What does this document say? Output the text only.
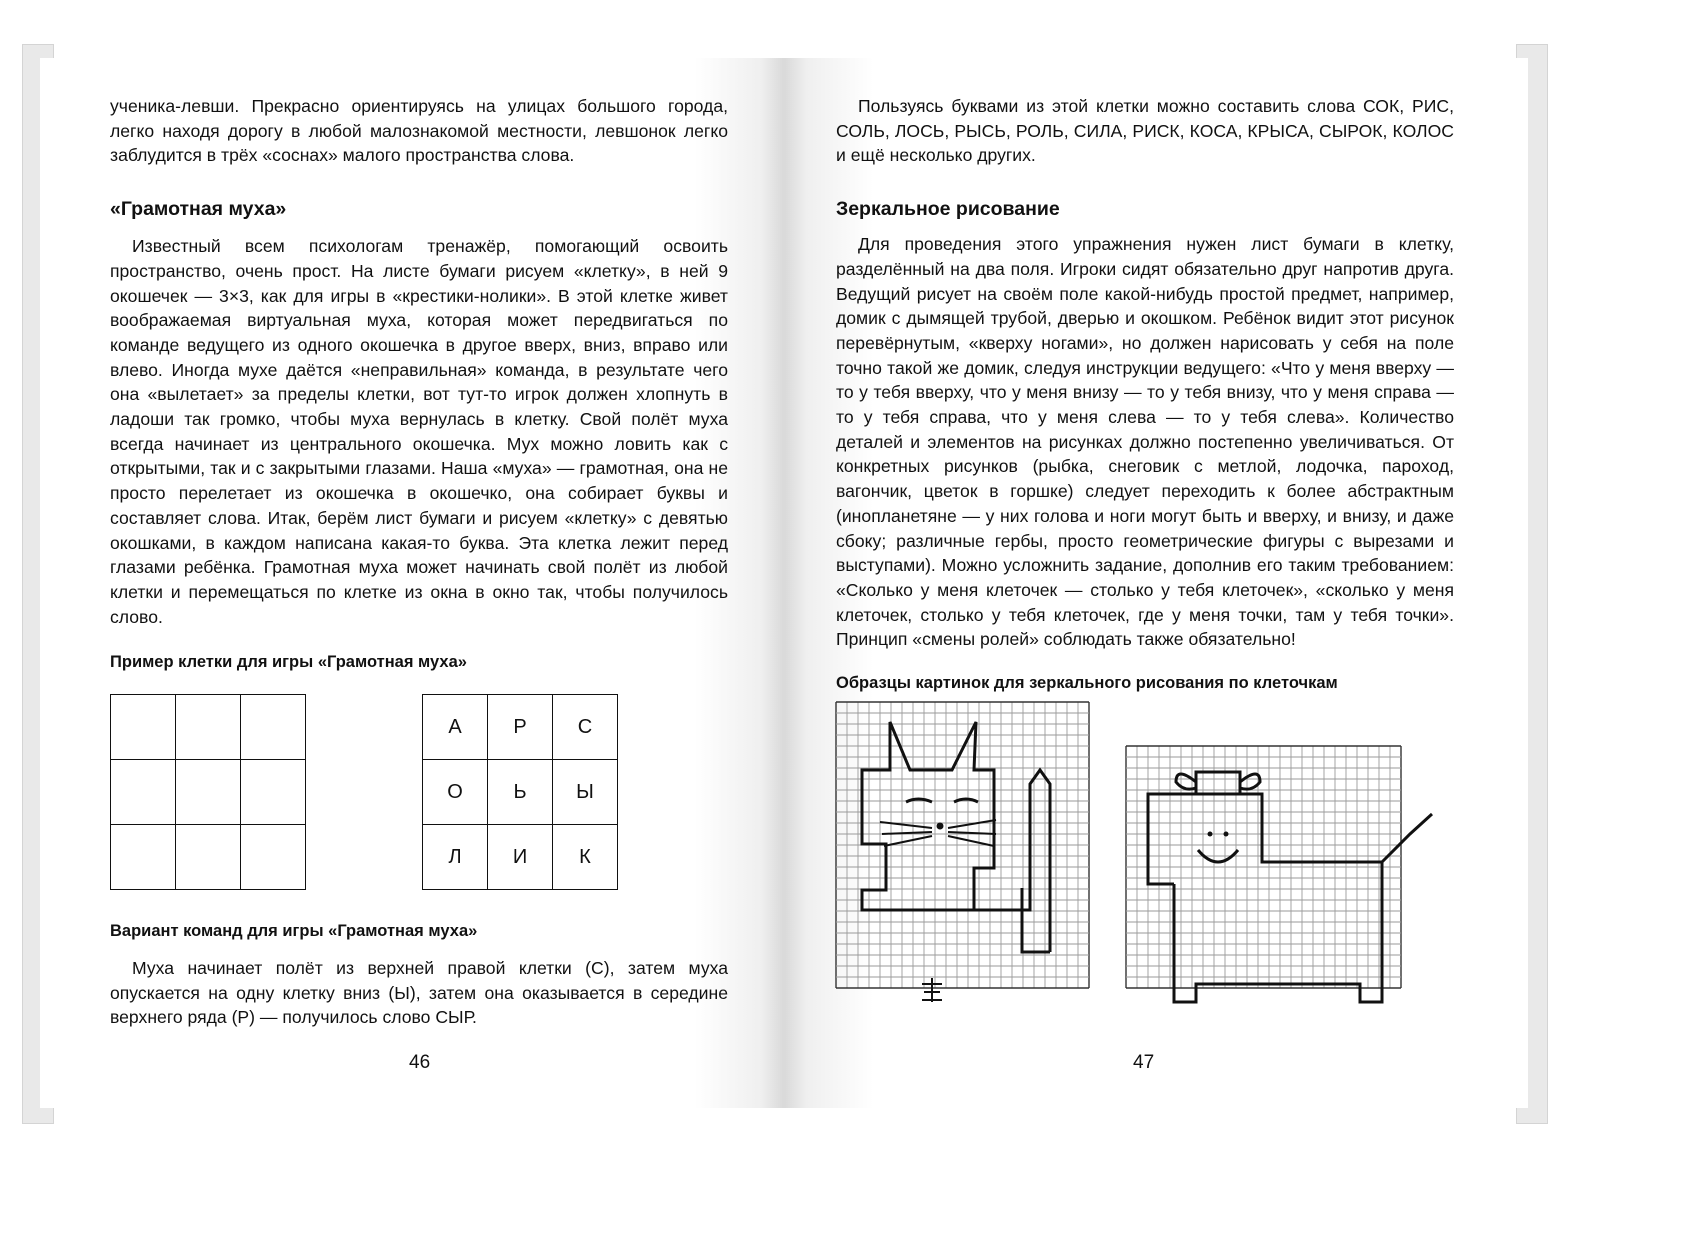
ученика-левши. Прекрасно ориентируясь на улицах большого города, легко находя дорогу в любой малознакомой местности, левшонок легко заблудится в трёх «соснах» малого пространства слова.

«Грамотная муха»

Известный всем психологам тренажёр, помогающий освоить пространство, очень прост. На листе бумаги рисуем «клетку», в ней 9 окошечек — 3×3, как для игры в «крестики-нолики». В этой клетке живет воображаемая виртуальная муха, которая может передвигаться по команде ведущего из одного окошечка в другое вверх, вниз, вправо или влево. Иногда мухе даётся «неправильная» команда, в результате чего она «вылетает» за пределы клетки, вот тут-то игрок должен хлопнуть в ладоши так громко, чтобы муха вернулась в клетку. Свой полёт муха всегда начинает из центрального окошечка. Мух можно ловить как с открытыми, так и с закрытыми глазами. Наша «муха» — грамотная, она не просто перелетает из окошечка в окошечко, она собирает буквы и составляет слова. Итак, берём лист бумаги и рисуем «клетку» с девятью окошками, в каждом написана какая-то буква. Эта клетка лежит перед глазами ребёнка. Грамотная муха может начинать свой полёт из любой клетки и перемещаться по клетке из окна в окно так, чтобы получилось слово.

Пример клетки для игры «Грамотная муха»

А	Р	С
О	Ь	Ы
Л	И	К
Вариант команд для игры «Грамотная муха»

Муха начинает полёт из верхней правой клетки (С), затем муха опускается на одну клетку вниз (Ы), затем она оказывается в середине верхнего ряда (Р) — получилось слово СЫР.

46

Пользуясь буквами из этой клетки можно составить слова СОК, РИС, СОЛЬ, ЛОСЬ, РЫСЬ, РОЛЬ, СИЛА, РИСК, КОСА, КРЫСА, СЫРОК, КОЛОС и ещё несколько других.

Зеркальное рисование

Для проведения этого упражнения нужен лист бумаги в клетку, разделённый на два поля. Игроки сидят обязательно друг напротив друга. Ведущий рисует на своём поле какой-нибудь простой предмет, например, домик с дымящей трубой, дверью и окошком. Ребёнок видит этот рисунок перевёрнутым, «кверху ногами», но должен нарисовать у себя на поле точно такой же домик, следуя инструкции ведущего: «Что у меня вверху — то у тебя вверху, что у меня внизу — то у тебя внизу, что у меня справа — то у тебя справа, что у меня слева — то у тебя слева». Количество деталей и элементов на рисунках должно постепенно увеличиваться. От конкретных рисунков (рыбка, снеговик с метлой, лодочка, пароход, вагончик, цветок в горшке) следует переходить к более абстрактным (инопланетяне — у них голова и ноги могут быть и вверху, и внизу, и даже сбоку; различные гербы, просто геометрические фигуры с вырезами и выступами). Можно усложнить задание, дополнив его таким требованием: «Сколько у меня клеточек — столько у тебя клеточек», «сколько у меня клеточек, столько у тебя клеточек, где у меня точки, там у тебя точки». Принцип «смены ролей» соблюдать также обязательно!

Образцы картинок для зеркального рисования по клеточкам
47
